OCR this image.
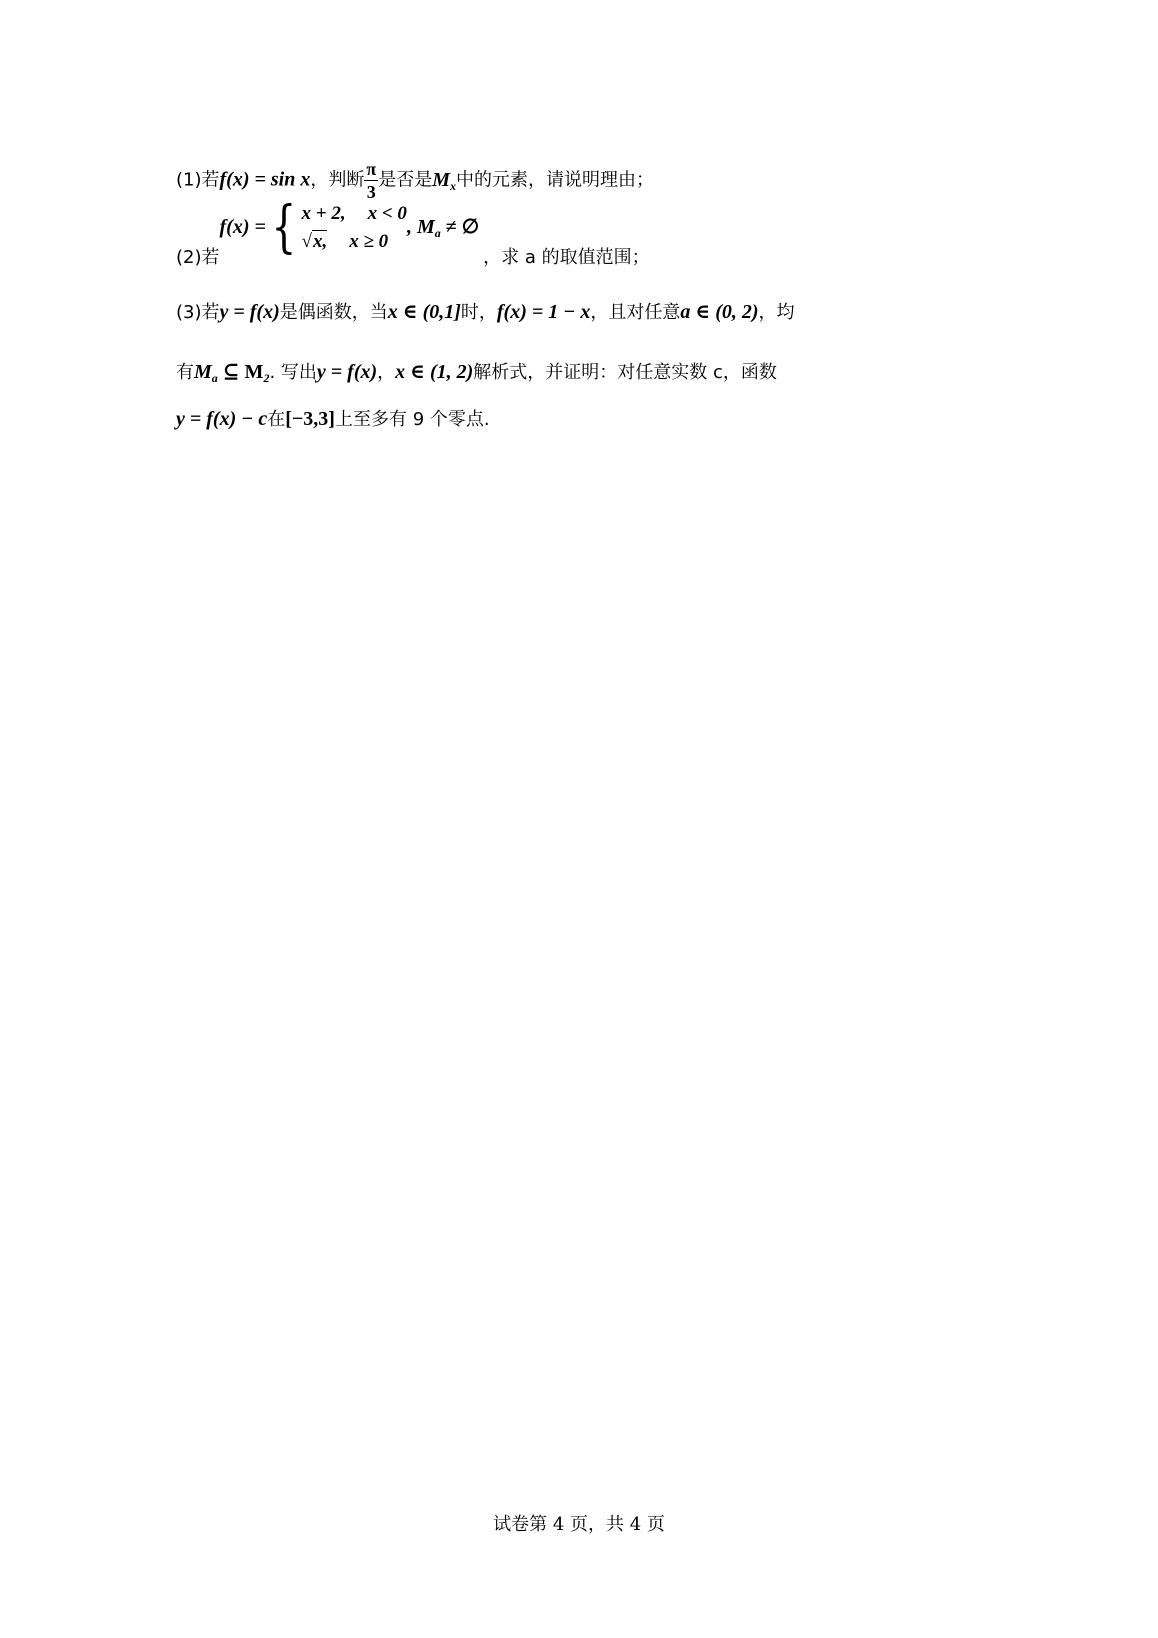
(1)若f(x) = sin x，判断 $\frac{\pi}{3}$ 是否是$M_x$中的元素，请说明理由；
(2)若f(x) ={ x + 2, x < 0
√x, x ≥ 0
, $M_a$ ≠ ∅，求 a 的取值范围；
(3)若y = f(x)是偶函数，当x ∈ (0,1]时，f(x) = 1 − x，且对任意a ∈ (0, 2)，均
有$M_a$ ⊆ $M_2$. 写出y = f(x)，x ∈ (1, 2)解析式，并证明：对任意实数 c，函数
y = f(x) − c在[−3,3]上至多有 9 个零点.
试卷第 4 页，共 4 页
